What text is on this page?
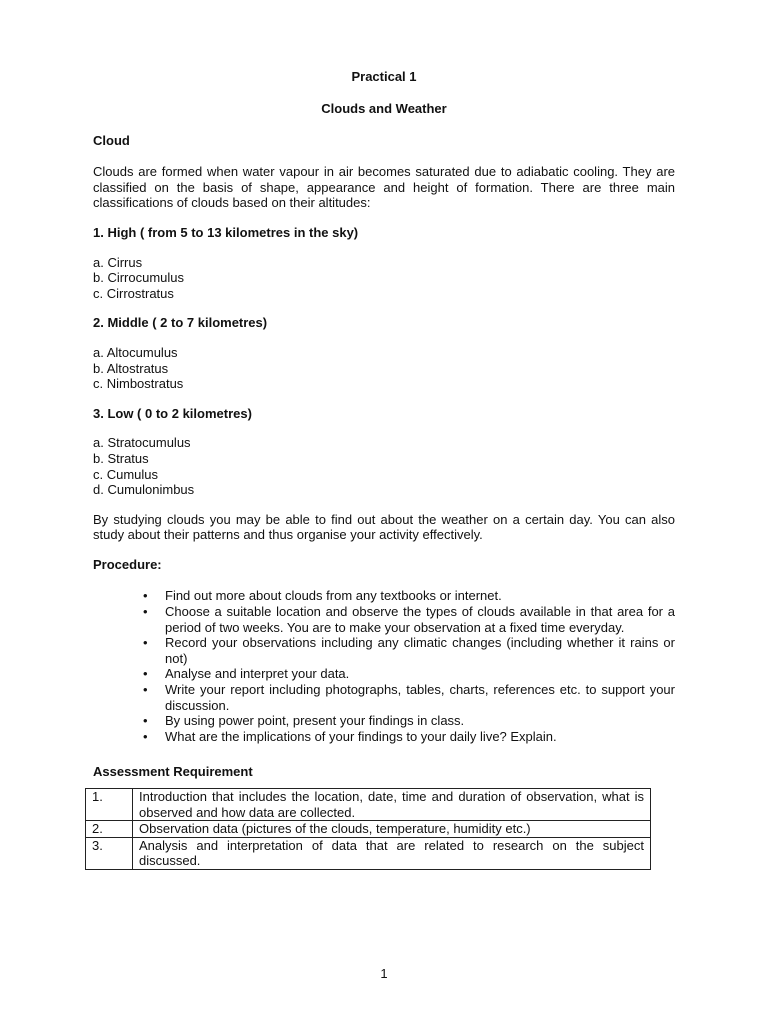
Practical 1

Clouds and Weather

Cloud

Clouds are formed when water vapour in air becomes saturated due to adiabatic cooling. They are classified on the basis of shape, appearance and height of formation. There are three main classifications of clouds based on their altitudes:

1. High ( from 5 to 13 kilometres in the sky)

a. Cirrus
b. Cirrocumulus
c. Cirrostratus

2. Middle ( 2 to 7 kilometres)

a. Altocumulus
b. Altostratus
c. Nimbostratus

3. Low ( 0 to 2 kilometres)

a. Stratocumulus
b. Stratus
c. Cumulus
d. Cumulonimbus

By studying clouds you may be able to find out about the weather on a certain day. You can also study about their patterns and thus organise your activity effectively.

Procedure:

• Find out more about clouds from any textbooks or internet.
• Choose a suitable location and observe the types of clouds available in that area for a period of two weeks. You are to make your observation at a fixed time everyday.
• Record your observations including any climatic changes (including whether it rains or not)
• Analyse and interpret your data.
• Write your report including photographs, tables, charts, references etc. to support your discussion.
• By using power point, present your findings in class.
• What are the implications of your findings to your daily live? Explain.

Assessment Requirement

1.	Introduction that includes the location, date, time and duration of observation, what is observed and how data are collected.
2.	Observation data (pictures of the clouds, temperature, humidity etc.)
3.	Analysis and interpretation of data that are related to research on the subject discussed.
1
